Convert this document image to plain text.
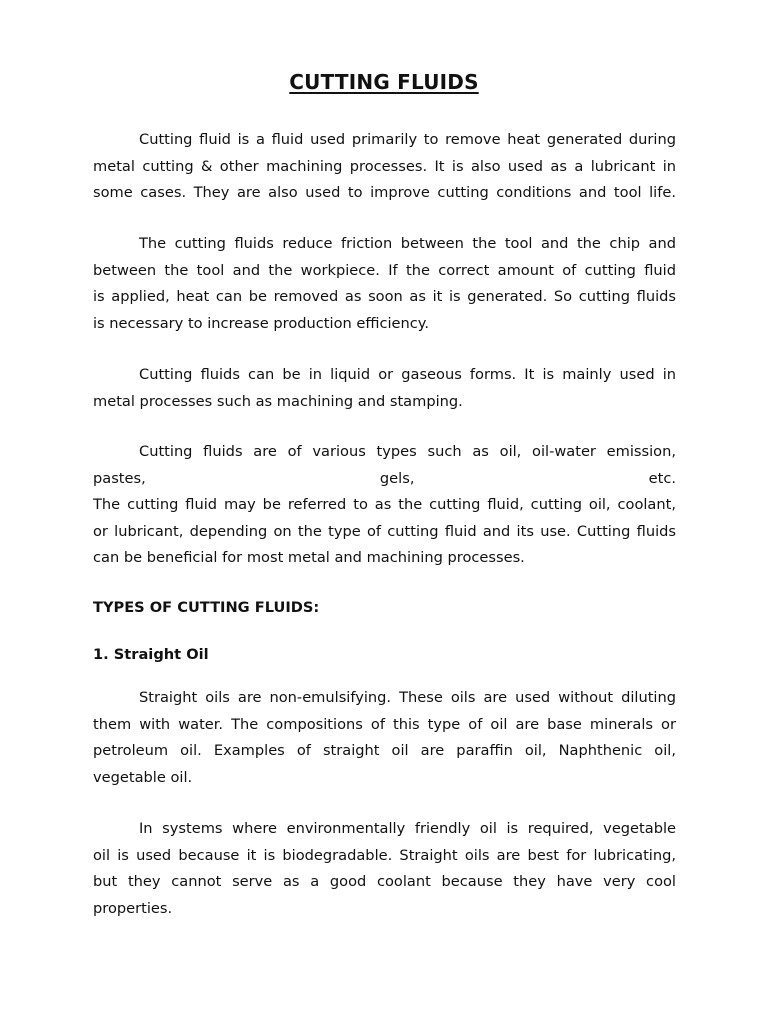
CUTTING FLUIDS
Cutting fluid is a fluid used primarily to remove heat generated during
metal cutting & other machining processes. It is also used as a lubricant in
some cases. They are also used to improve cutting conditions and tool life.
The cutting fluids reduce friction between the tool and the chip and
between the tool and the workpiece. If the correct amount of cutting fluid
is applied, heat can be removed as soon as it is generated. So cutting fluids
is necessary to increase production efficiency.
Cutting fluids can be in liquid or gaseous forms. It is mainly used in
metal processes such as machining and stamping.
Cutting fluids are of various types such as oil, oil-water emission,
pastes,	gels,	etc.
The cutting fluid may be referred to as the cutting fluid, cutting oil, coolant,
or lubricant, depending on the type of cutting fluid and its use. Cutting fluids
can be beneficial for most metal and machining processes.
TYPES OF CUTTING FLUIDS:
1. Straight Oil
Straight oils are non-emulsifying. These oils are used without diluting
them with water. The compositions of this type of oil are base minerals or
petroleum oil. Examples of straight oil are paraffin oil, Naphthenic oil,
vegetable oil.
In systems where environmentally friendly oil is required, vegetable
oil is used because it is biodegradable. Straight oils are best for lubricating,
but they cannot serve as a good coolant because they have very cool
properties.
